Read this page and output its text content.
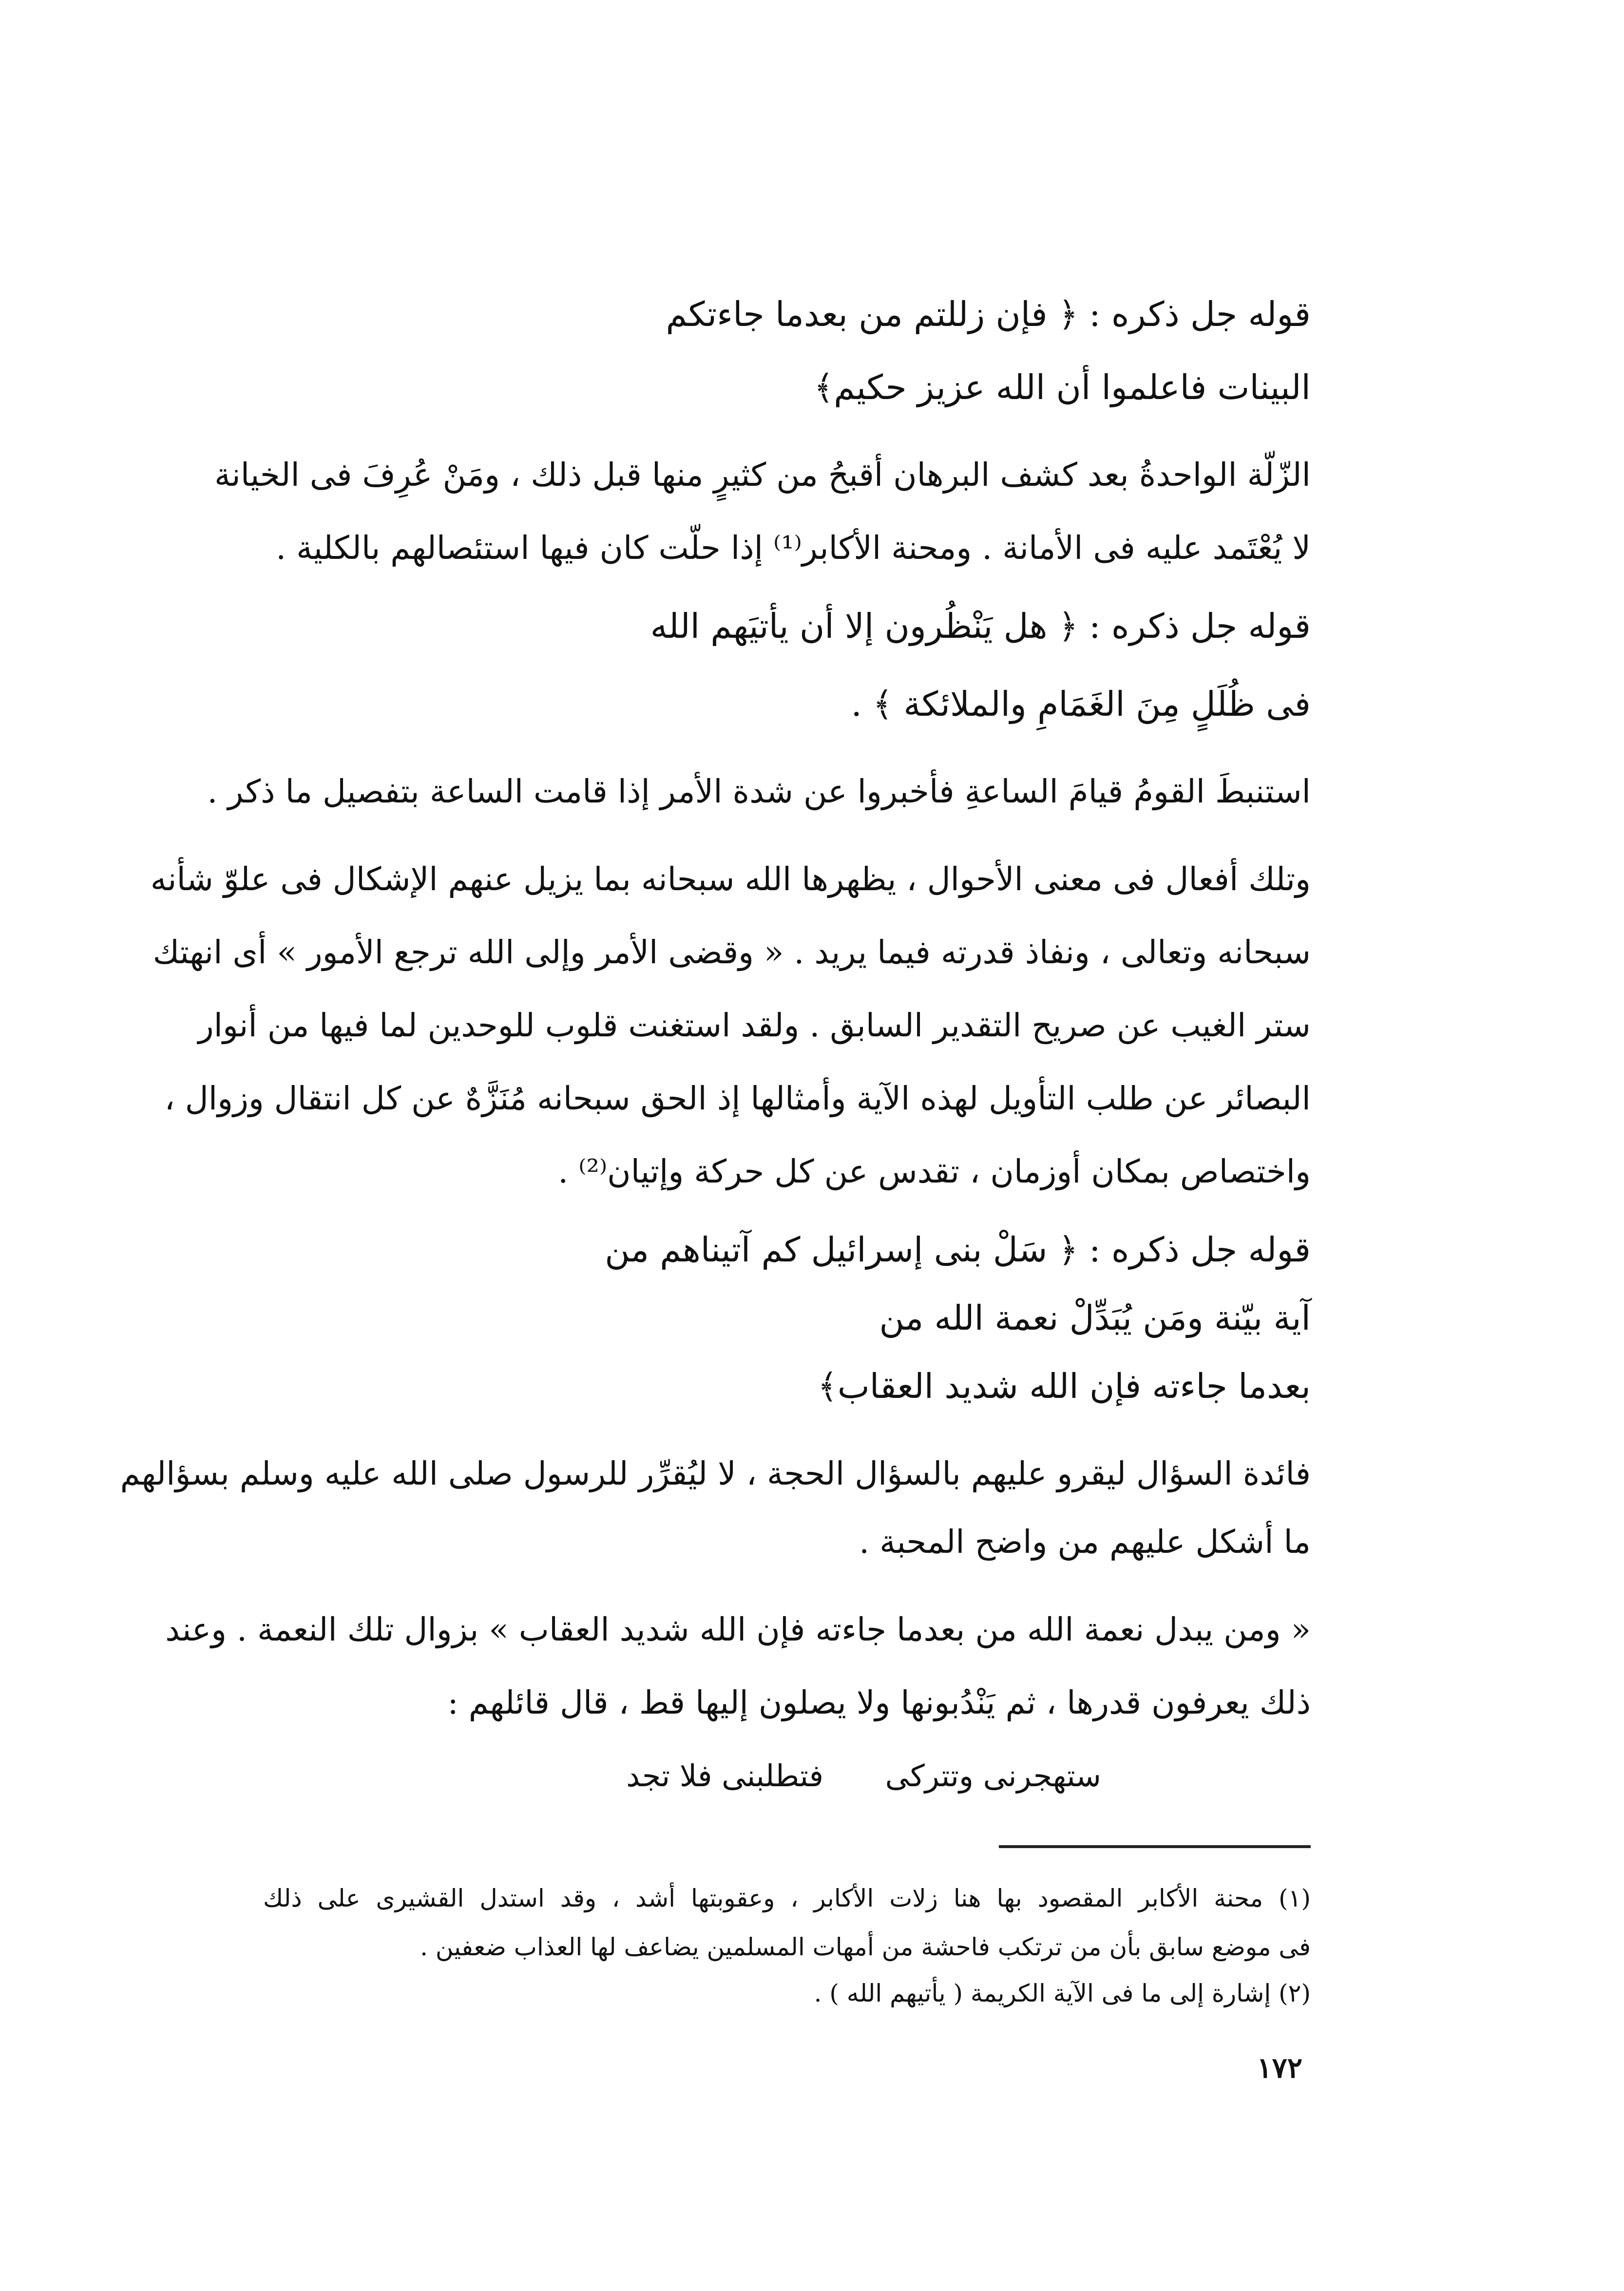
قوله جل ذكره : ﴿ فإن زللتم من بعدما جاءتكم
البينات فاعلموا أن الله عزيز حكيم﴾
الزّلّة الواحدةُ بعد كشف البرهان أقبحُ من كثيرٍ منها قبل ذلك ، ومَنْ عُرِفَ فى الخيانة
لا يُعْتَمد عليه فى الأمانة . ومحنة الأكابر⁽¹⁾ إذا حلّت كان فيها استئصالهم بالكلية .
قوله جل ذكره : ﴿ هل يَنْظُرون إلا أن يأتيَهم الله
فى ظُلَلٍ مِنَ الغَمَامِ والملائكة ﴾ .
استنبطَ القومُ قيامَ الساعةِ فأخبروا عن شدة الأمر إذا قامت الساعة بتفصيل ما ذكر .
وتلك أفعال فى معنى الأحوال ، يظهرها الله سبحانه بما يزيل عنهم الإشكال فى علوّ شأنه
سبحانه وتعالى ، ونفاذ قدرته فيما يريد . « وقضى الأمر وإلى الله ترجع الأمور » أى انهتك
ستر الغيب عن صريح التقدير السابق . ولقد استغنت قلوب للوحدين لما فيها من أنوار
البصائر عن طلب التأويل لهذه الآية وأمثالها إذ الحق سبحانه مُنَزَّهٌ عن كل انتقال وزوال ،
واختصاص بمكان أوزمان ، تقدس عن كل حركة وإتيان⁽²⁾ .
قوله جل ذكره : ﴿ سَلْ بنى إسرائيل كم آتيناهم من
آية بيّنة ومَن يُبَدِّلْ نعمة الله من
بعدما جاءته فإن الله شديد العقاب﴾
فائدة السؤال ليقرو عليهم بالسؤال الحجة ، لا ليُقرِّر للرسول صلى الله عليه وسلم بسؤالهم
ما أشكل عليهم من واضح المحبة .
« ومن يبدل نعمة الله من بعدما جاءته فإن الله شديد العقاب » بزوال تلك النعمة . وعند
ذلك يعرفون قدرها ، ثم يَنْدُبونها ولا يصلون إليها قط ، قال قائلهم :
ستهجرنى وتتركى
فتطلبنى فلا تجد
(١) محنة الأكابر المقصود بها هنا زلات الأكابر ، وعقوبتها أشد ، وقد استدل القشيرى على ذلك
فى موضع سابق بأن من ترتكب فاحشة من أمهات المسلمين يضاعف لها العذاب ضعفين .
(٢) إشارة إلى ما فى الآية الكريمة ( يأتيهم الله ) .
١٧٢
